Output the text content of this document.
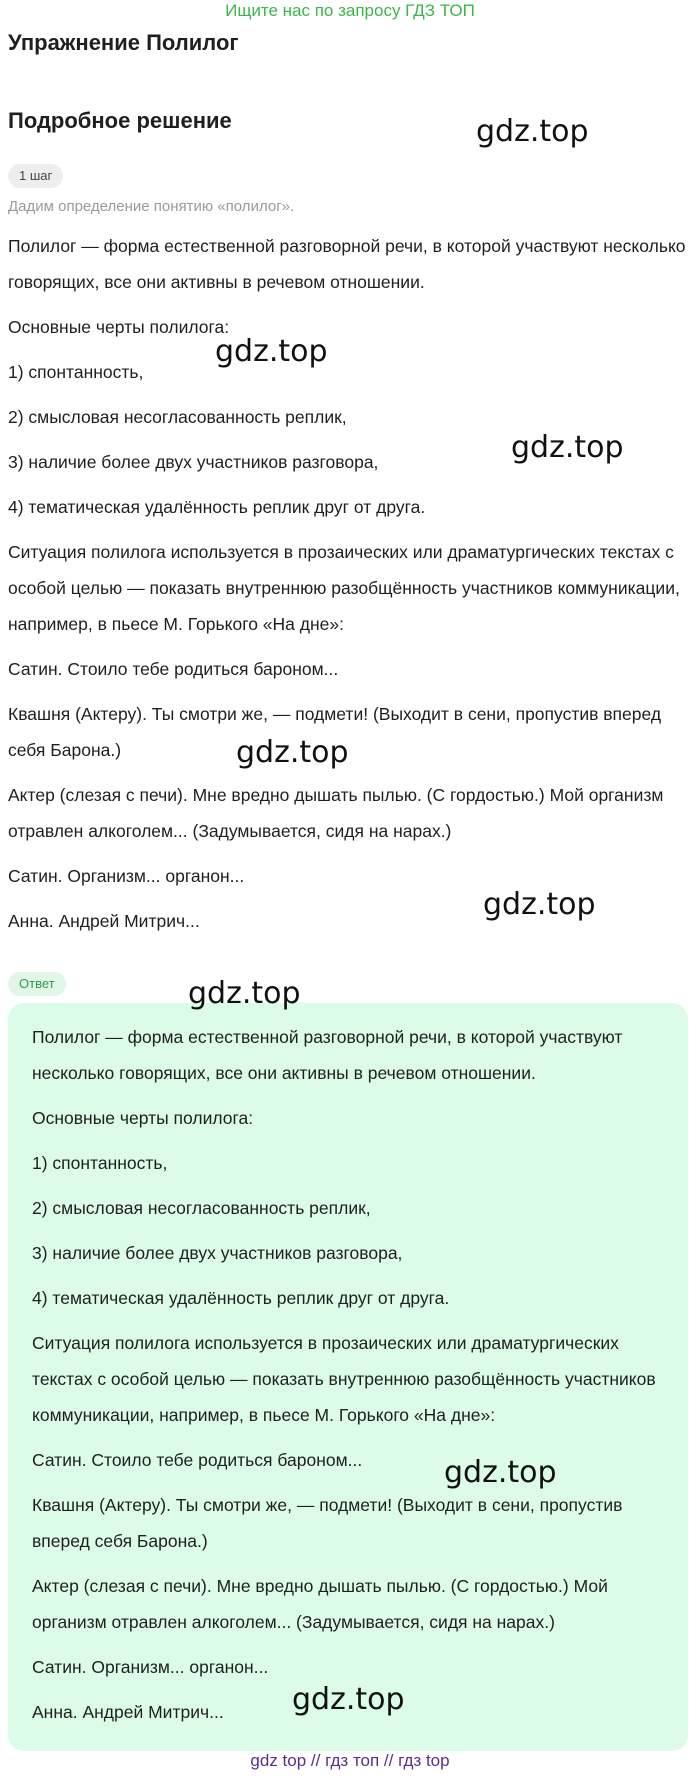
Ищите нас по запросу ГДЗ ТОП
Упражнение Полилог
Подробное решение
1 шаг
Дадим определение понятию «полилог».

Полилог — форма естественной разговорной речи, в которой участвуют несколько говорящих, все они активны в речевом отношении.

Основные черты полилога:

1) спонтанность,

2) смысловая несогласованность реплик,

3) наличие более двух участников разговора,

4) тематическая удалённость реплик друг от друга.

Ситуация полилога используется в прозаических или драматургических текстах с особой целью — показать внутреннюю разобщённость участников коммуникации, например, в пьесе М. Горького «На дне»:

Сатин. Стоило тебе родиться бароном...

Квашня (Актеру). Ты смотри же, — подмети! (Выходит в сени, пропустив вперед себя Барона.)

Актер (слезая с печи). Мне вредно дышать пылью. (С гордостью.) Мой организм отравлен алкоголем... (Задумывается, сидя на нарах.)

Сатин. Организм... органон...

Анна. Андрей Митрич...

Ответ

Полилог — форма естественной разговорной речи, в которой участвуют несколько говорящих, все они активны в речевом отношении.

Основные черты полилога:

1) спонтанность,

2) смысловая несогласованность реплик,

3) наличие более двух участников разговора,

4) тематическая удалённость реплик друг от друга.

Ситуация полилога используется в прозаических или драматургических текстах с особой целью — показать внутреннюю разобщённость участников коммуникации, например, в пьесе М. Горького «На дне»:

Сатин. Стоило тебе родиться бароном...

Квашня (Актеру). Ты смотри же, — подмети! (Выходит в сени, пропустив вперед себя Барона.)

Актер (слезая с печи). Мне вредно дышать пылью. (С гордостью.) Мой организм отравлен алкоголем... (Задумывается, сидя на нарах.)

Сатин. Организм... органон...

Анна. Андрей Митрич...

gdz.top
gdz.top
gdz.top
gdz.top
gdz.top
gdz.top
gdz.top
gdz.top
gdz top // гдз топ // гдз top
